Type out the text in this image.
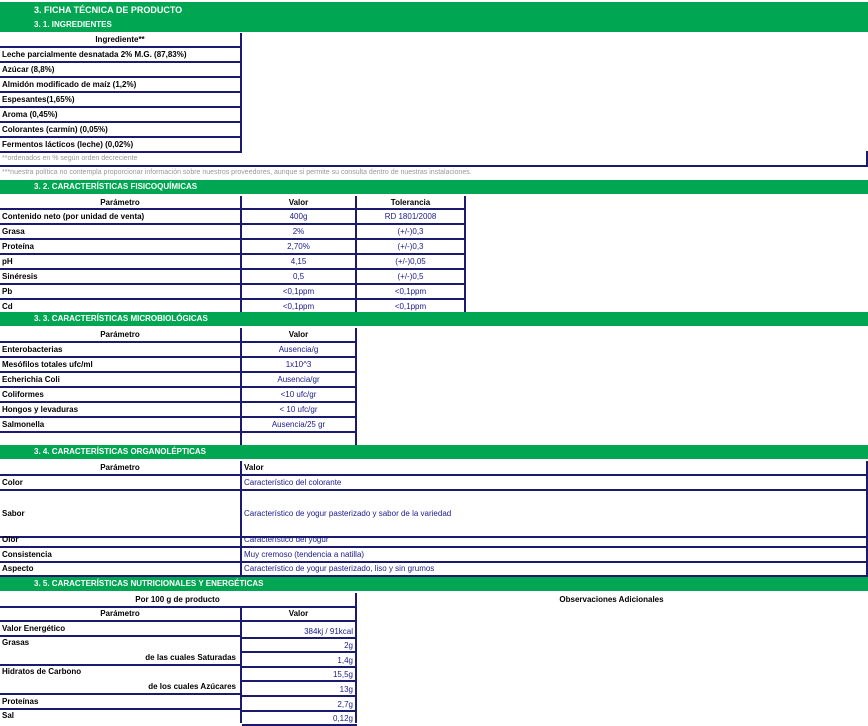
3. FICHA TÉCNICA DE PRODUCTO
3. 1. INGREDIENTES
Ingrediente**
Leche parcialmente desnatada 2% M.G. (87,83%)
Azúcar (8,8%)
Almidón modificado de maíz (1,2%)
Espesantes(1,65%)
Aroma (0,45%)
Colorantes (carmín) (0,05%)
Fermentos lácticos (leche) (0,02%)
**ordenados en % según orden decreciente
***nuestra política no contempla proporcionar información sobre nuestros proveedores, aunque si permite su consulta dentro de nuestras instalaciones.
3. 2. CARACTERÍSTICAS FISICOQUÍMICAS
Parámetro	Valor	Tolerancia
Contenido neto (por unidad de venta)	400g	RD 1801/2008
Grasa	2%	(+/-)0,3
Proteína	2,70%	(+/-)0,3
pH	4,15	(+/-)0,05
Sinéresis	0,5	(+/-)0,5
Pb	<0,1ppm	<0,1ppm
Cd	<0,1ppm	<0,1ppm
3. 3. CARACTERÍSTICAS MICROBIOLÓGICAS
Parámetro	Valor
Enterobacterias	Ausencia/g
Mesófilos totales ufc/ml	1x10^3
Echerichia Coli	Ausencia/gr
Coliformes	<10 ufc/gr
Hongos y levaduras	< 10 ufc/gr
Salmonella	Ausencia/25 gr
3. 4. CARACTERÍSTICAS ORGANOLÉPTICAS
Parámetro	Valor
Color	Característico del colorante
Sabor	Característico de yogur pasterizado y sabor de la variedad
Olor	Característico del yogur
Consistencia	Muy cremoso (tendencia a natilla)
Aspecto	Característico de yogur pasterizado, liso y sin grumos
3. 5. CARACTERÍSTICAS NUTRICIONALES Y ENERGÉTICAS
Por 100 g de producto	Observaciones Adicionales
Parámetro	Valor
Valor Energético	384kj / 91kcal
Grasas	2g
de las cuales Saturadas	1,4g
Hidratos de Carbono	15,5g
de los cuales Azúcares	13g
Proteínas	2,7g
Sal	0,12g
